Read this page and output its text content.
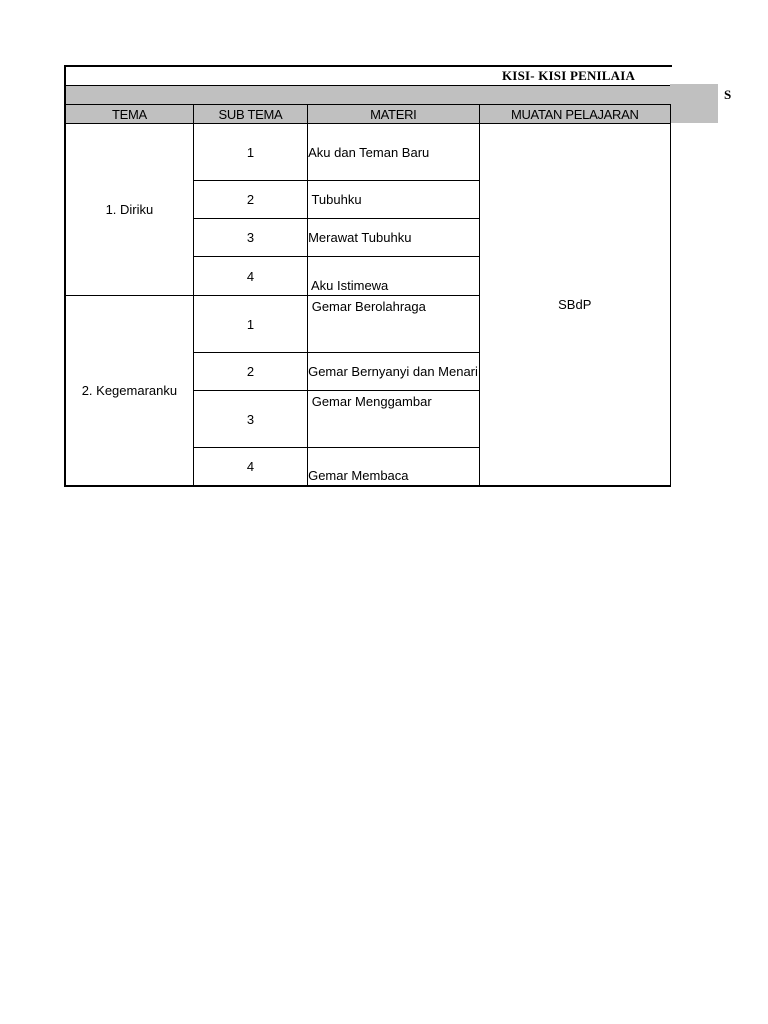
KISI- KISI PENILAIA
S
TEMA	SUB TEMA	MATERI	MUATAN PELAJARAN
1. Diriku	1	Aku dan Teman Baru	SBdP
	2	Tubuhku	
	3	Merawat Tubuhku	
	4	Aku Istimewa	
2. Kegemaranku	1	Gemar Berolahraga	
	2	Gemar Bernyanyi dan Menari	
	3	Gemar Menggambar	
	4	Gemar Membaca	
